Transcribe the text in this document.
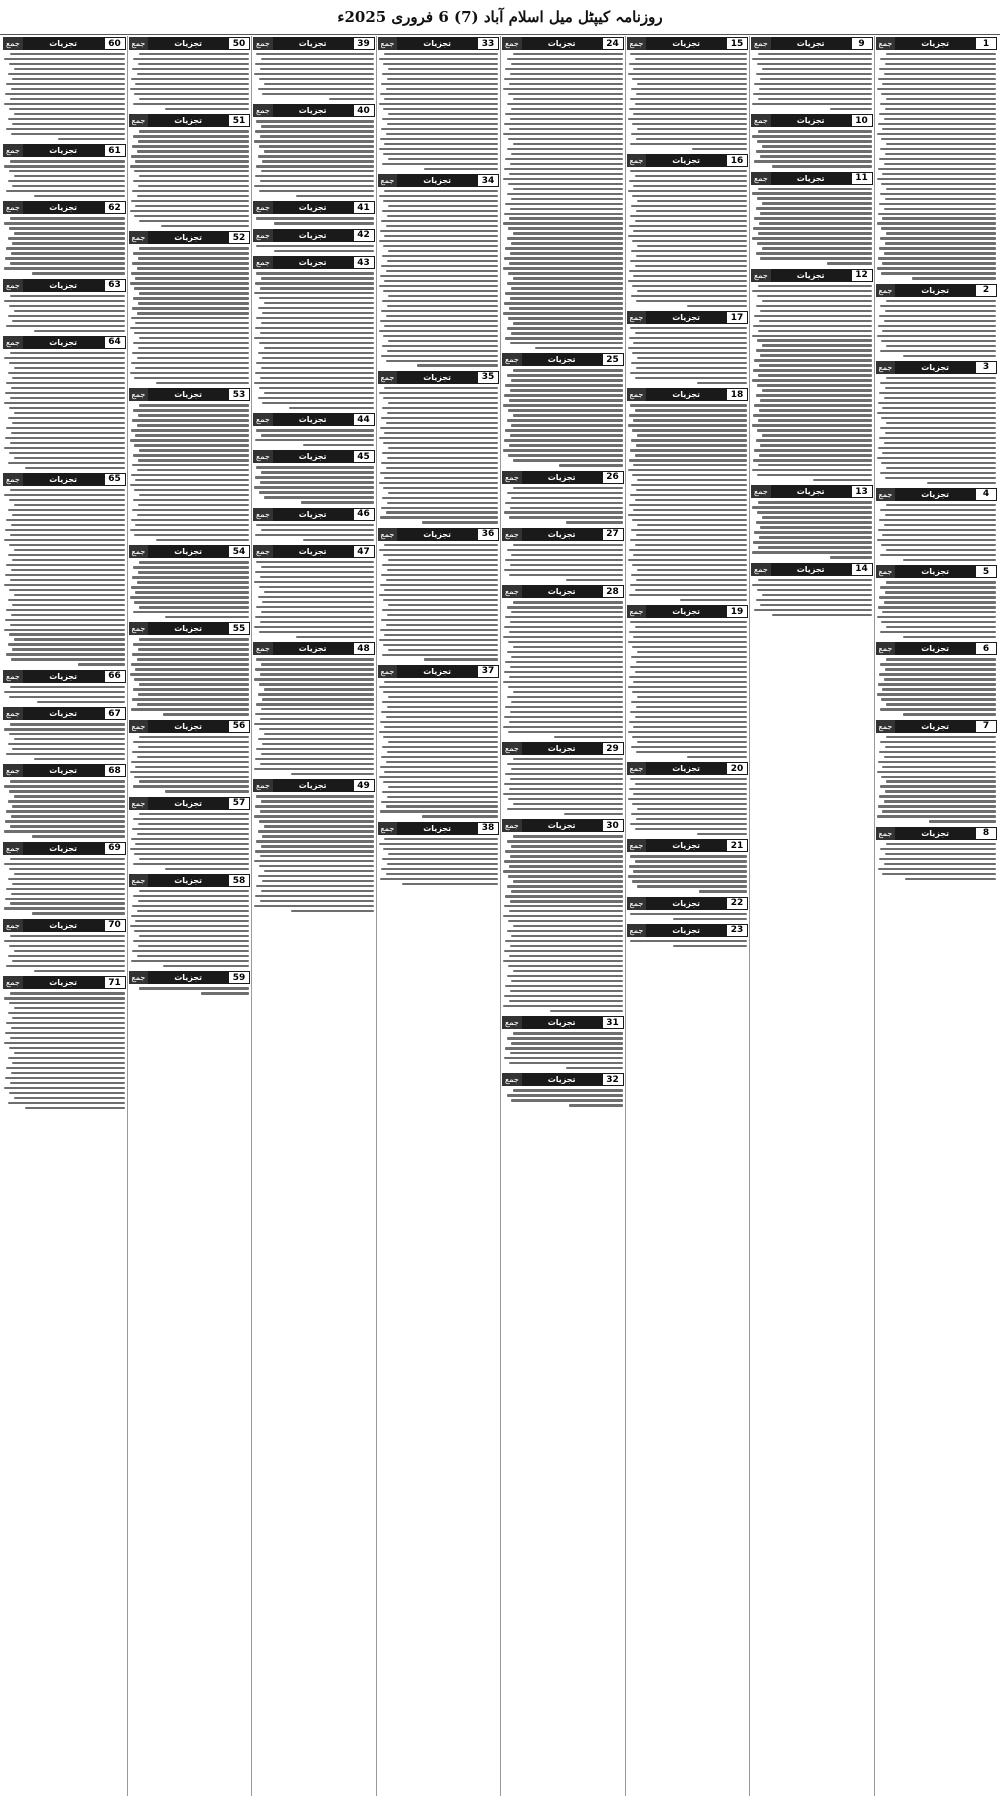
روزنامہ کیپٹل میل اسلام آباد (7) 6 فروری 2025ء
1
تجزیات
جمع
2
تجزیات
جمع
3
تجزیات
جمع
4
تجزیات
جمع
5
تجزیات
جمع
6
تجزیات
جمع
7
تجزیات
جمع
8
تجزیات
جمع
9
تجزیات
جمع
10
تجزیات
جمع
11
تجزیات
جمع
12
تجزیات
جمع
13
تجزیات
جمع
14
تجزیات
جمع
15
تجزیات
جمع
16
تجزیات
جمع
17
تجزیات
جمع
18
تجزیات
جمع
19
تجزیات
جمع
20
تجزیات
جمع
21
تجزیات
جمع
22
تجزیات
جمع
23
تجزیات
جمع
24
تجزیات
جمع
25
تجزیات
جمع
26
تجزیات
جمع
27
تجزیات
جمع
28
تجزیات
جمع
29
تجزیات
جمع
30
تجزیات
جمع
31
تجزیات
جمع
32
تجزیات
جمع
33
تجزیات
جمع
34
تجزیات
جمع
35
تجزیات
جمع
36
تجزیات
جمع
37
تجزیات
جمع
38
تجزیات
جمع
39
تجزیات
جمع
40
تجزیات
جمع
41
تجزیات
جمع
42
تجزیات
جمع
43
تجزیات
جمع
44
تجزیات
جمع
45
تجزیات
جمع
46
تجزیات
جمع
47
تجزیات
جمع
48
تجزیات
جمع
49
تجزیات
جمع
50
تجزیات
جمع
51
تجزیات
جمع
52
تجزیات
جمع
53
تجزیات
جمع
54
تجزیات
جمع
55
تجزیات
جمع
56
تجزیات
جمع
57
تجزیات
جمع
58
تجزیات
جمع
59
تجزیات
جمع
60
تجزیات
جمع
61
تجزیات
جمع
62
تجزیات
جمع
63
تجزیات
جمع
64
تجزیات
جمع
65
تجزیات
جمع
66
تجزیات
جمع
67
تجزیات
جمع
68
تجزیات
جمع
69
تجزیات
جمع
70
تجزیات
جمع
71
تجزیات
جمع
